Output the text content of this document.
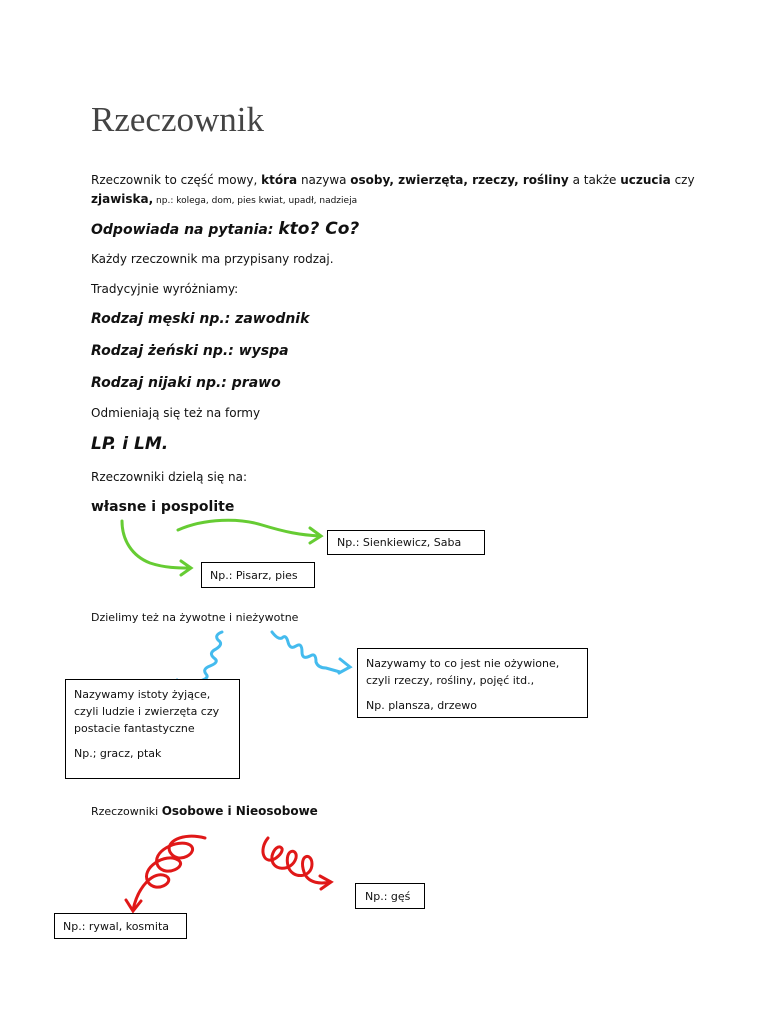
Rzeczownik
Rzeczownik to część mowy, która nazywa osoby, zwierzęta, rzeczy, rośliny a także uczucia czy
zjawiska, np.: kolega, dom, pies kwiat, upadł, nadzieja
Odpowiada na pytania: kto? Co?
Każdy rzeczownik ma przypisany rodzaj.
Tradycyjnie wyróżniamy:
Rodzaj męski np.: zawodnik
Rodzaj żeński np.: wyspa
Rodzaj nijaki np.: prawo
Odmieniają się też na formy
LP. i LM.
Rzeczowniki dzielą się na:
własne i pospolite
Np.: Sienkiewicz, Saba
Np.: Pisarz, pies
Dzielimy też na żywotne i nieżywotne
Nazywamy to co jest nie ożywione, czyli rzeczy, rośliny, pojęć itd.,
Np. plansza, drzewo
Nazywamy istoty żyjące, czyli ludzie i zwierzęta czy postacie fantastyczne
Np.; gracz, ptak
Rzeczowniki Osobowe i Nieosobowe
Np.: gęś
Np.: rywal, kosmita
